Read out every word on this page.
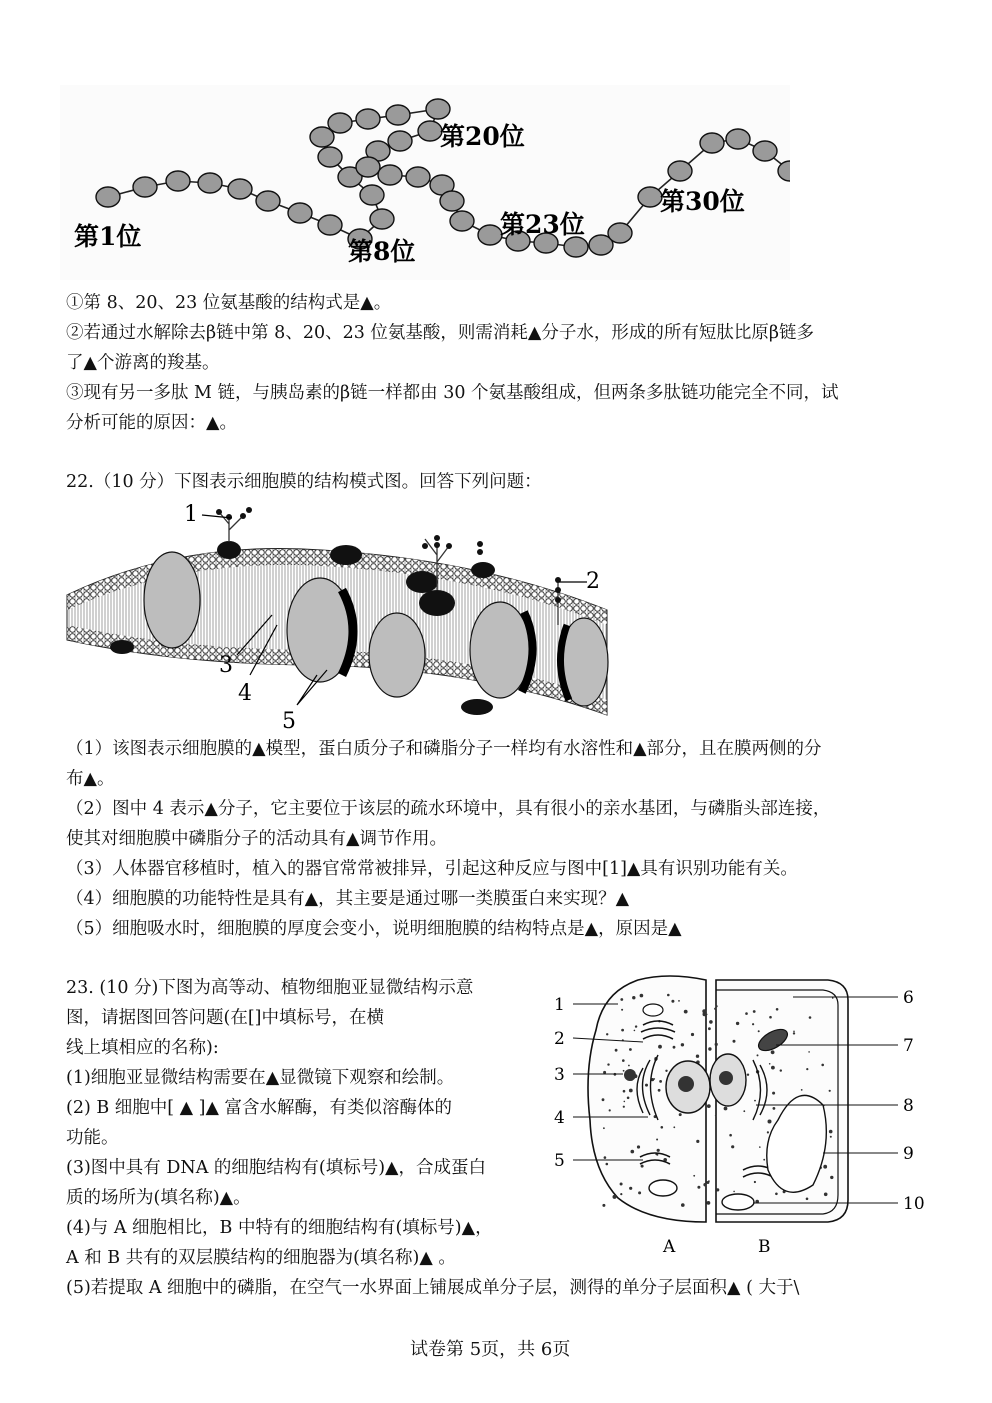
第1位
第8位
第20位
第23位
第30位
①第 8、20、23 位氨基酸的结构式是▲。
②若通过水解除去β链中第 8、20、23 位氨基酸，则需消耗▲分子水，形成的所有短肽比原β链多
了▲个游离的羧基。
③现有另一多肽 M 链，与胰岛素的β链一样都由 30 个氨基酸组成，但两条多肽链功能完全不同，试
分析可能的原因：▲。
22.（10 分）下图表示细胞膜的结构模式图。回答下列问题：
1
2
3
4
5
（1）该图表示细胞膜的▲模型，蛋白质分子和磷脂分子一样均有水溶性和▲部分，且在膜两侧的分
布▲。
（2）图中 4 表示▲分子，它主要位于该层的疏水环境中，具有很小的亲水基团，与磷脂头部连接，
使其对细胞膜中磷脂分子的活动具有▲调节作用。
（3）人体器官移植时，植入的器官常常被排异，引起这种反应与图中[1]▲具有识别功能有关。
（4）细胞膜的功能特性是具有▲，其主要是通过哪一类膜蛋白来实现？▲
（5）细胞吸水时，细胞膜的厚度会变小，说明细胞膜的结构特点是▲，原因是▲
23. (10 分)下图为高等动、植物细胞亚显微结构示意
图，请据图回答问题(在[]中填标号，在横
线上填相应的名称):
(1)细胞亚显微结构需要在▲显微镜下观察和绘制。
(2) B 细胞中[ ▲ ]▲ 富含水解酶，有类似溶酶体的
功能。
(3)图中具有 DNA 的细胞结构有(填标号)▲，合成蛋白
质的场所为(填名称)▲。
(4)与 A 细胞相比，B 中特有的细胞结构有(填标号)▲，
A 和 B 共有的双层膜结构的细胞器为(填名称)▲ 。
(5)若提取 A 细胞中的磷脂，在空气一水界面上铺展成单分子层，测得的单分子层面积▲ ( 大于\
1
2
3
4
5
6
7
8
9
10
A	B
试卷第 5页，共 6页
